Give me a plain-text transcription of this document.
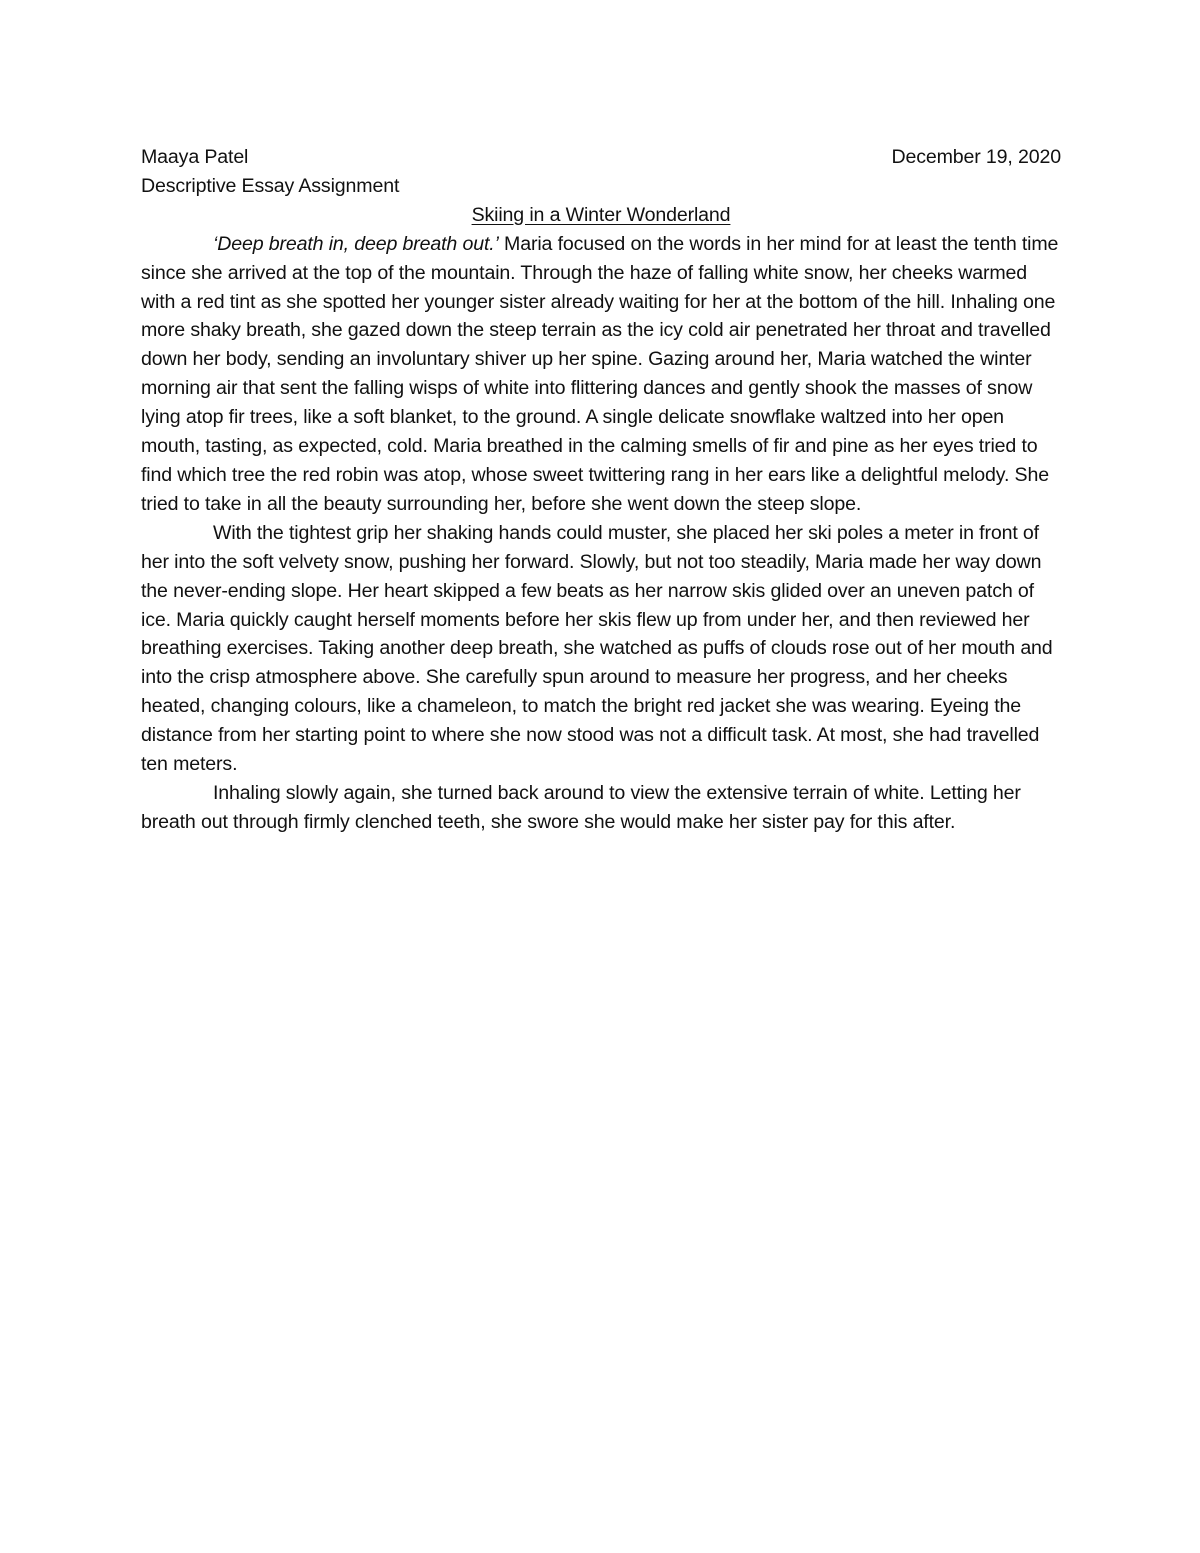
Maaya Patel	December 19, 2020
Descriptive Essay Assignment
Skiing in a Winter Wonderland

‘Deep breath in, deep breath out.’ Maria focused on the words in her mind for at least the tenth time since she arrived at the top of the mountain. Through the haze of falling white snow, her cheeks warmed with a red tint as she spotted her younger sister already waiting for her at the bottom of the hill. Inhaling one more shaky breath, she gazed down the steep terrain as the icy cold air penetrated her throat and travelled down her body, sending an involuntary shiver up her spine. Gazing around her, Maria watched the winter morning air that sent the falling wisps of white into flittering dances and gently shook the masses of snow lying atop fir trees, like a soft blanket, to the ground. A single delicate snowflake waltzed into her open mouth, tasting, as expected, cold. Maria breathed in the calming smells of fir and pine as her eyes tried to find which tree the red robin was atop, whose sweet twittering rang in her ears like a delightful melody. She tried to take in all the beauty surrounding her, before she went down the steep slope.

With the tightest grip her shaking hands could muster, she placed her ski poles a meter in front of her into the soft velvety snow, pushing her forward. Slowly, but not too steadily, Maria made her way down the never-ending slope. Her heart skipped a few beats as her narrow skis glided over an uneven patch of ice. Maria quickly caught herself moments before her skis flew up from under her, and then reviewed her breathing exercises. Taking another deep breath, she watched as puffs of clouds rose out of her mouth and into the crisp atmosphere above. She carefully spun around to measure her progress, and her cheeks heated, changing colours, like a chameleon, to match the bright red jacket she was wearing. Eyeing the distance from her starting point to where she now stood was not a difficult task. At most, she had travelled ten meters.

Inhaling slowly again, she turned back around to view the extensive terrain of white. Letting her breath out through firmly clenched teeth, she swore she would make her sister pay for this after.
